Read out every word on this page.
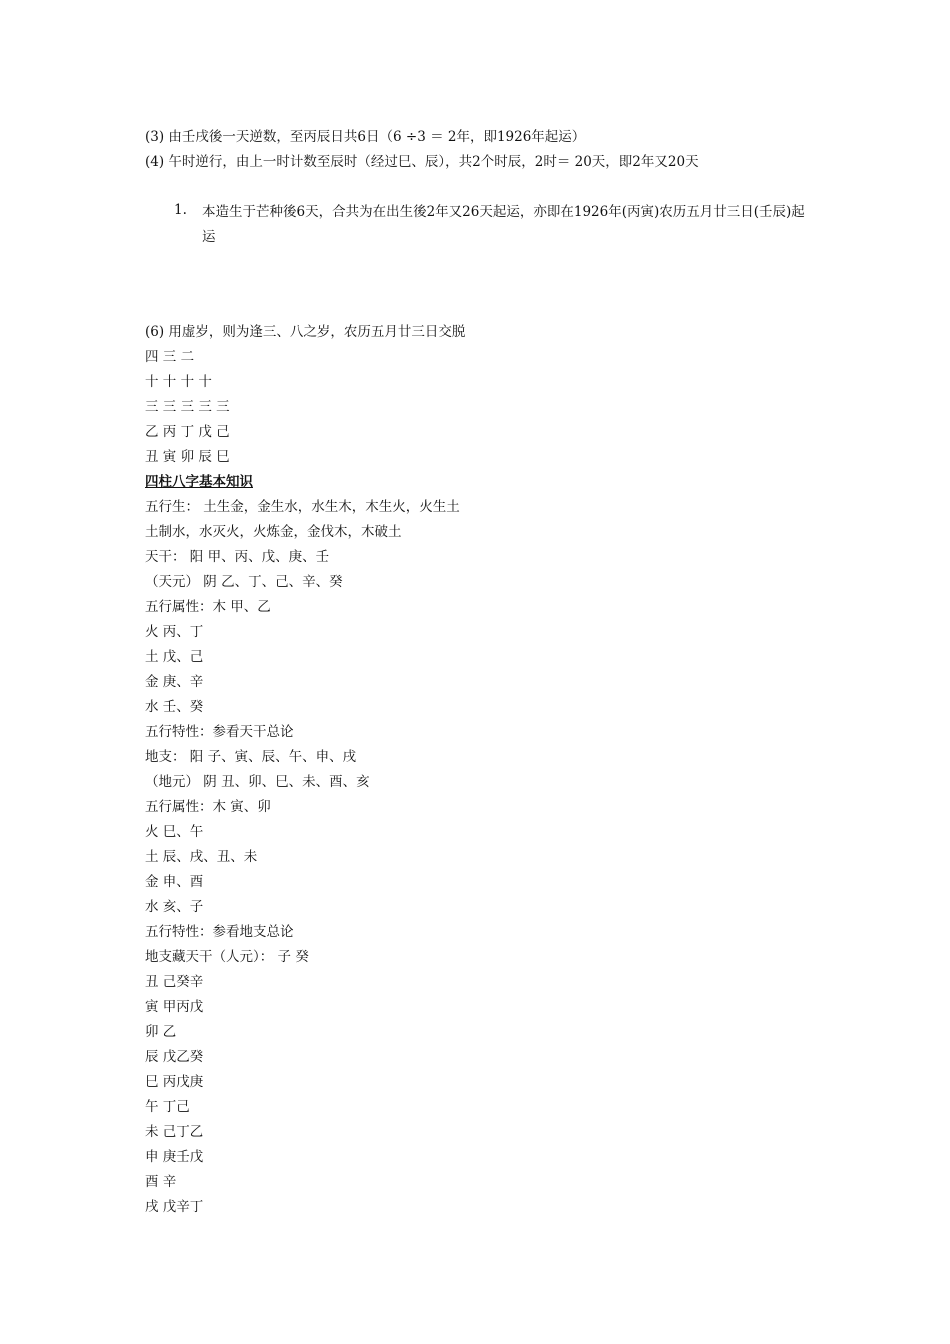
(3) 由壬戌後一天逆数，至丙辰日共6日（6 ÷3 ＝ 2年，即1926年起运）
(4) 午时逆行，由上一时计数至辰时（经过巳、辰），共2个时辰，2时＝ 20天，即2年又20天
1. 本造生于芒种後6天，合共为在出生後2年又26天起运，亦即在1926年(丙寅)农历五月廿三日(壬辰)起运
(6) 用虚岁，则为逢三、八之岁，农历五月廿三日交脱
四 三 二
十 十 十 十
三 三 三 三 三
乙 丙 丁 戊 己
丑 寅 卯 辰 巳
四柱八字基本知识
五行生： 土生金，金生水，水生木，木生火，火生土
土制水，水灭火，火炼金，金伐木，木破土
天干： 阳 甲、丙、戊、庚、壬
（天元） 阴 乙、丁、己、辛、癸
五行属性：木 甲、乙
火 丙、丁
土 戊、己
金 庚、辛
水 壬、癸
五行特性：参看天干总论
地支： 阳 子、寅、辰、午、申、戌
（地元） 阴 丑、卯、巳、未、酉、亥
五行属性：木 寅、卯
火 巳、午
土 辰、戌、丑、未
金 申、酉
水 亥、子
五行特性：参看地支总论
地支藏天干（人元）： 子 癸
丑 己癸辛
寅 甲丙戊
卯 乙
辰 戊乙癸
巳 丙戊庚
午 丁己
未 己丁乙
申 庚壬戊
酉 辛
戌 戊辛丁
